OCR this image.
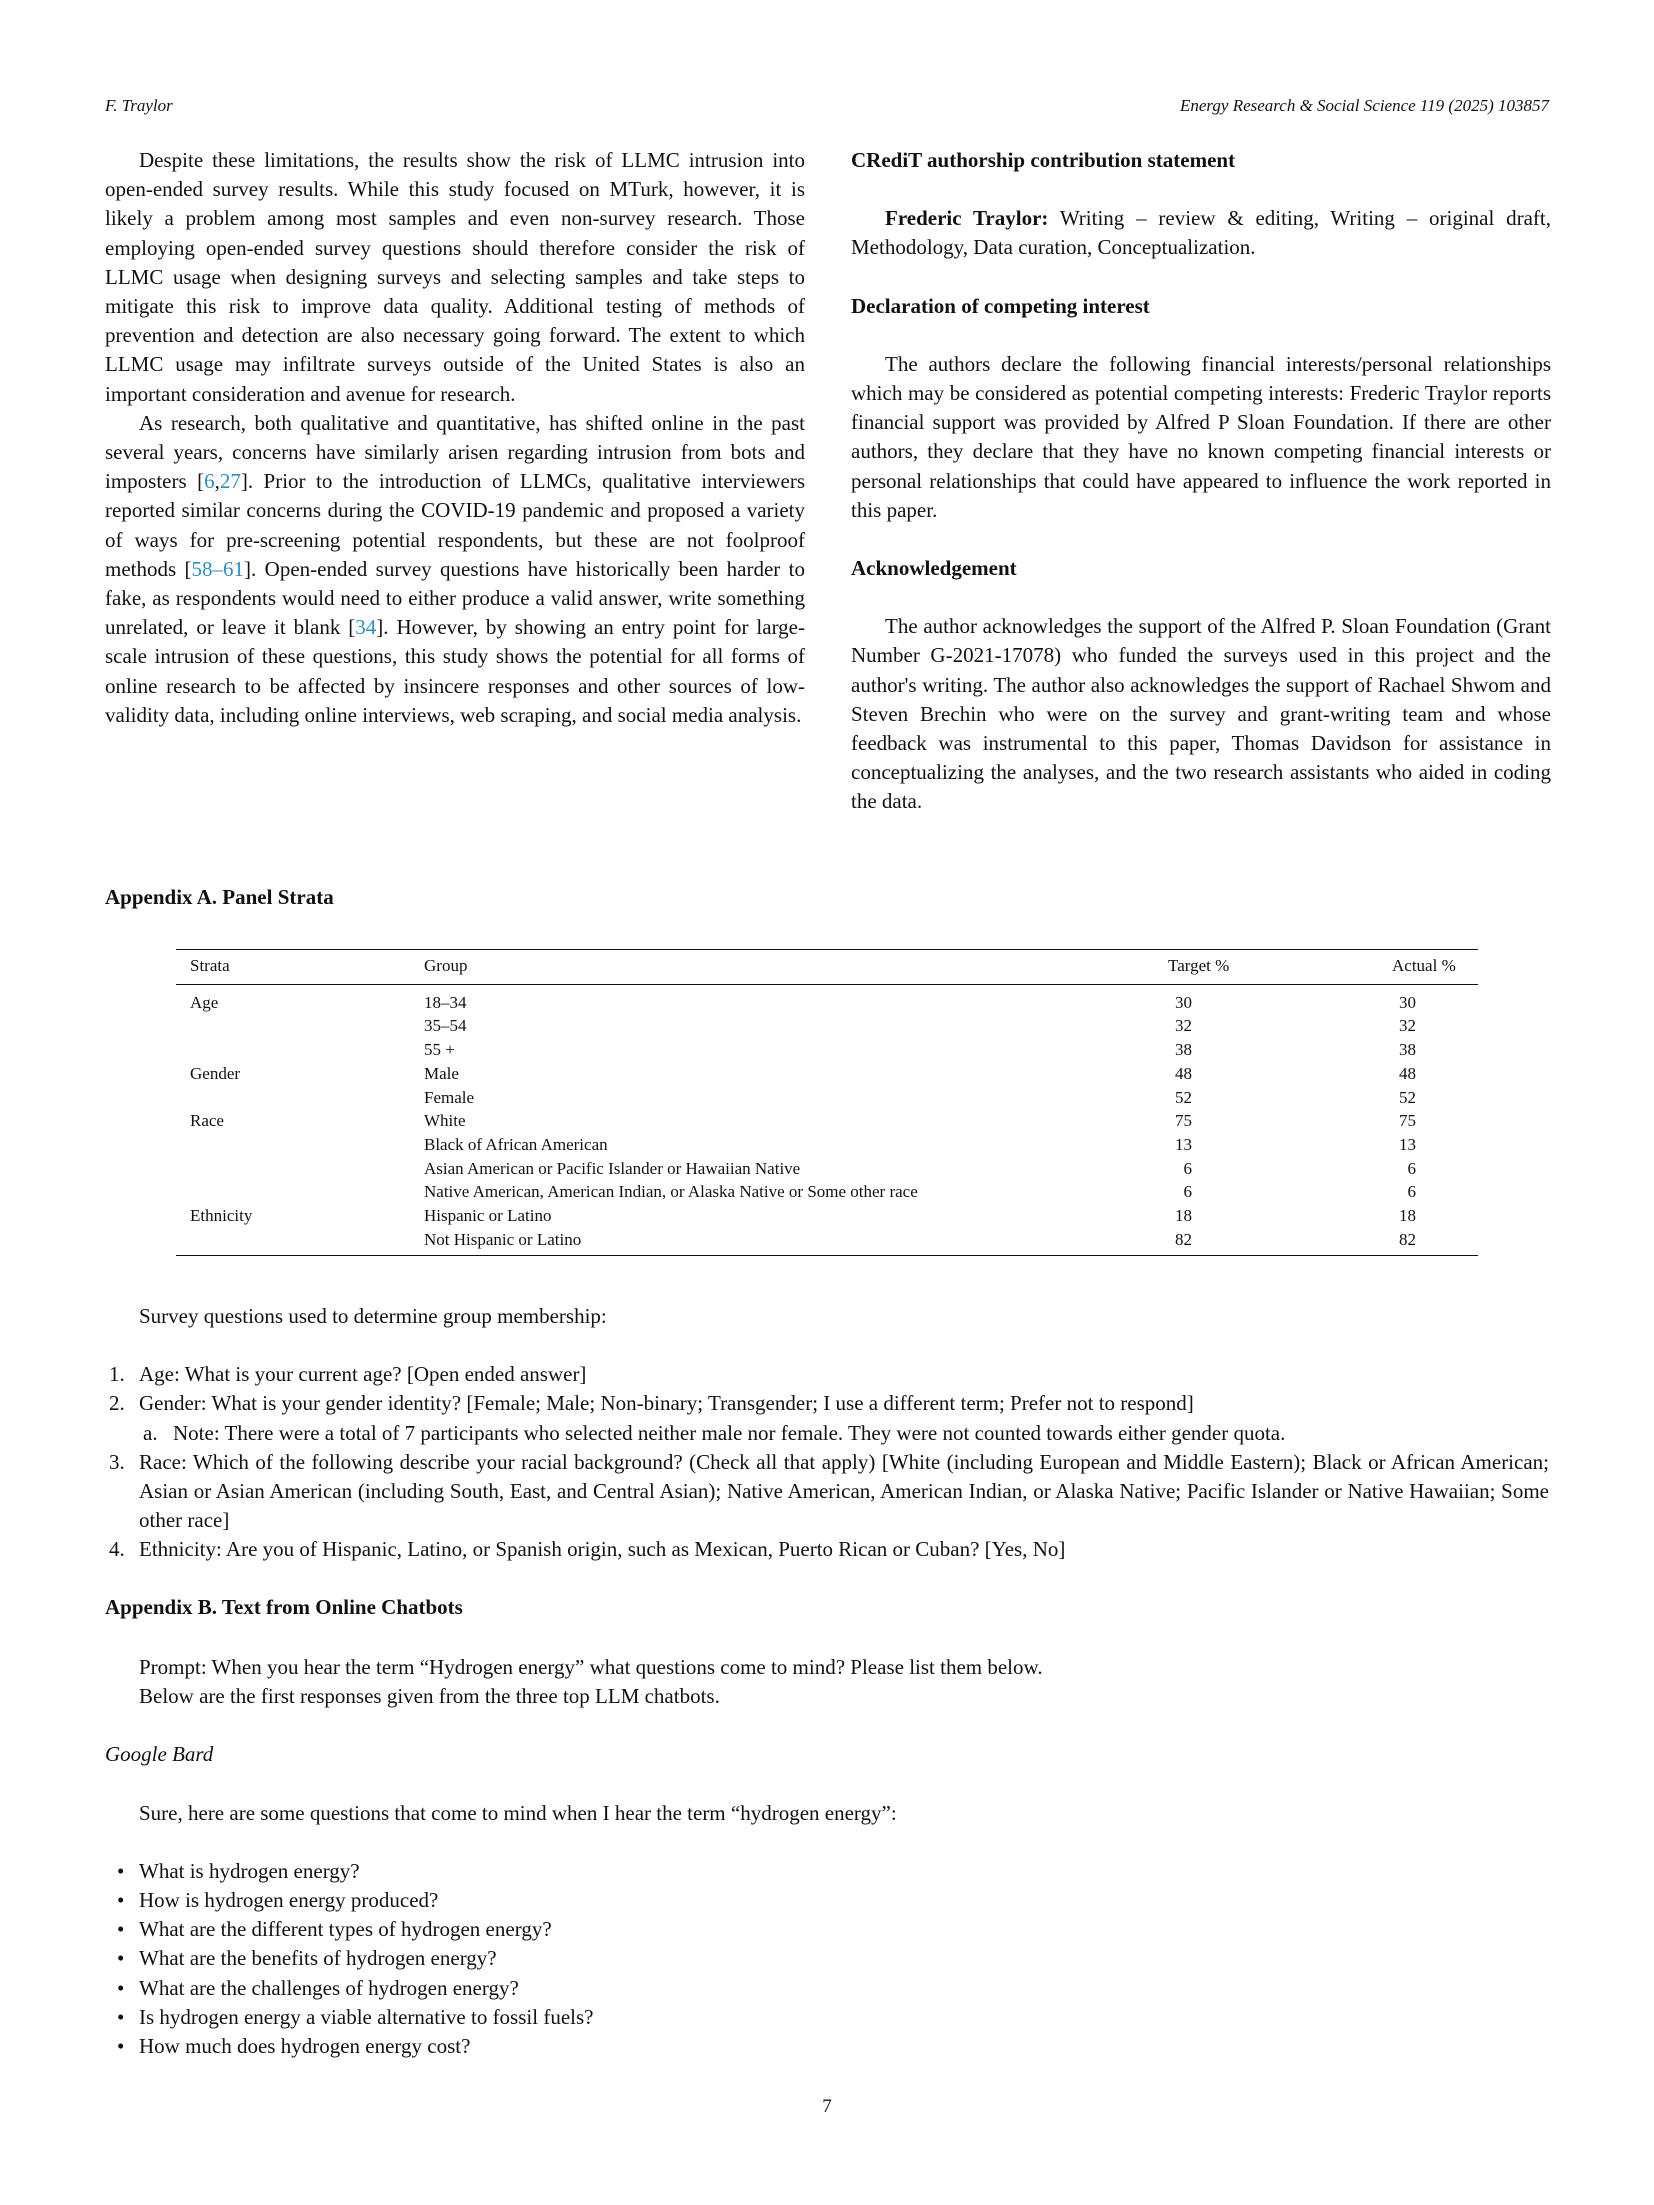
F. Traylor	Energy Research & Social Science 119 (2025) 103857

Despite these limitations, the results show the risk of LLMC intrusion into open-ended survey results. While this study focused on MTurk, however, it is likely a problem among most samples and even non-survey research. Those employing open-ended survey questions should therefore consider the risk of LLMC usage when designing surveys and selecting samples and take steps to mitigate this risk to improve data quality. Additional testing of methods of prevention and detection are also necessary going forward. The extent to which LLMC usage may infiltrate surveys outside of the United States is also an important consideration and avenue for research.

As research, both qualitative and quantitative, has shifted online in the past several years, concerns have similarly arisen regarding intrusion from bots and imposters [6,27]. Prior to the introduction of LLMCs, qualitative interviewers reported similar concerns during the COVID-19 pandemic and proposed a variety of ways for pre-screening potential respondents, but these are not foolproof methods [58–61]. Open-ended survey questions have historically been harder to fake, as respondents would need to either produce a valid answer, write something unrelated, or leave it blank [34]. However, by showing an entry point for large-scale intrusion of these questions, this study shows the potential for all forms of online research to be affected by insincere responses and other sources of low-validity data, including online interviews, web scraping, and social media analysis.

CRediT authorship contribution statement

Frederic Traylor: Writing – review & editing, Writing – original draft, Methodology, Data curation, Conceptualization.

Declaration of competing interest

The authors declare the following financial interests/personal relationships which may be considered as potential competing interests: Frederic Traylor reports financial support was provided by Alfred P Sloan Foundation. If there are other authors, they declare that they have no known competing financial interests or personal relationships that could have appeared to influence the work reported in this paper.

Acknowledgement

The author acknowledges the support of the Alfred P. Sloan Foundation (Grant Number G-2021-17078) who funded the surveys used in this project and the author's writing. The author also acknowledges the support of Rachael Shwom and Steven Brechin who were on the survey and grant-writing team and whose feedback was instrumental to this paper, Thomas Davidson for assistance in conceptualizing the analyses, and the two research assistants who aided in coding the data.

Appendix A. Panel Strata
Strata	Group	Target %	Actual %
Age	18–34	30	30
	35–54	32	32
	55 +	38	38
Gender	Male	48	48
	Female	52	52
Race	White	75	75
	Black of African American	13	13
	Asian American or Pacific Islander or Hawaiian Native	6	6
	Native American, American Indian, or Alaska Native or Some other race	6	6
Ethnicity	Hispanic or Latino	18	18
	Not Hispanic or Latino	82	82

Survey questions used to determine group membership:

1. Age: What is your current age? [Open ended answer]
2. Gender: What is your gender identity? [Female; Male; Non-binary; Transgender; I use a different term; Prefer not to respond]
a. Note: There were a total of 7 participants who selected neither male nor female. They were not counted towards either gender quota.
3. Race: Which of the following describe your racial background? (Check all that apply) [White (including European and Middle Eastern); Black or African American; Asian or Asian American (including South, East, and Central Asian); Native American, American Indian, or Alaska Native; Pacific Islander or Native Hawaiian; Some other race]
4. Ethnicity: Are you of Hispanic, Latino, or Spanish origin, such as Mexican, Puerto Rican or Cuban? [Yes, No]
Appendix B. Text from Online Chatbots

Prompt: When you hear the term “Hydrogen energy” what questions come to mind? Please list them below.

Below are the first responses given from the three top LLM chatbots.

Google Bard

Sure, here are some questions that come to mind when I hear the term “hydrogen energy”:

• What is hydrogen energy?
• How is hydrogen energy produced?
• What are the different types of hydrogen energy?
• What are the benefits of hydrogen energy?
• What are the challenges of hydrogen energy?
• Is hydrogen energy a viable alternative to fossil fuels?
• How much does hydrogen energy cost?
7
